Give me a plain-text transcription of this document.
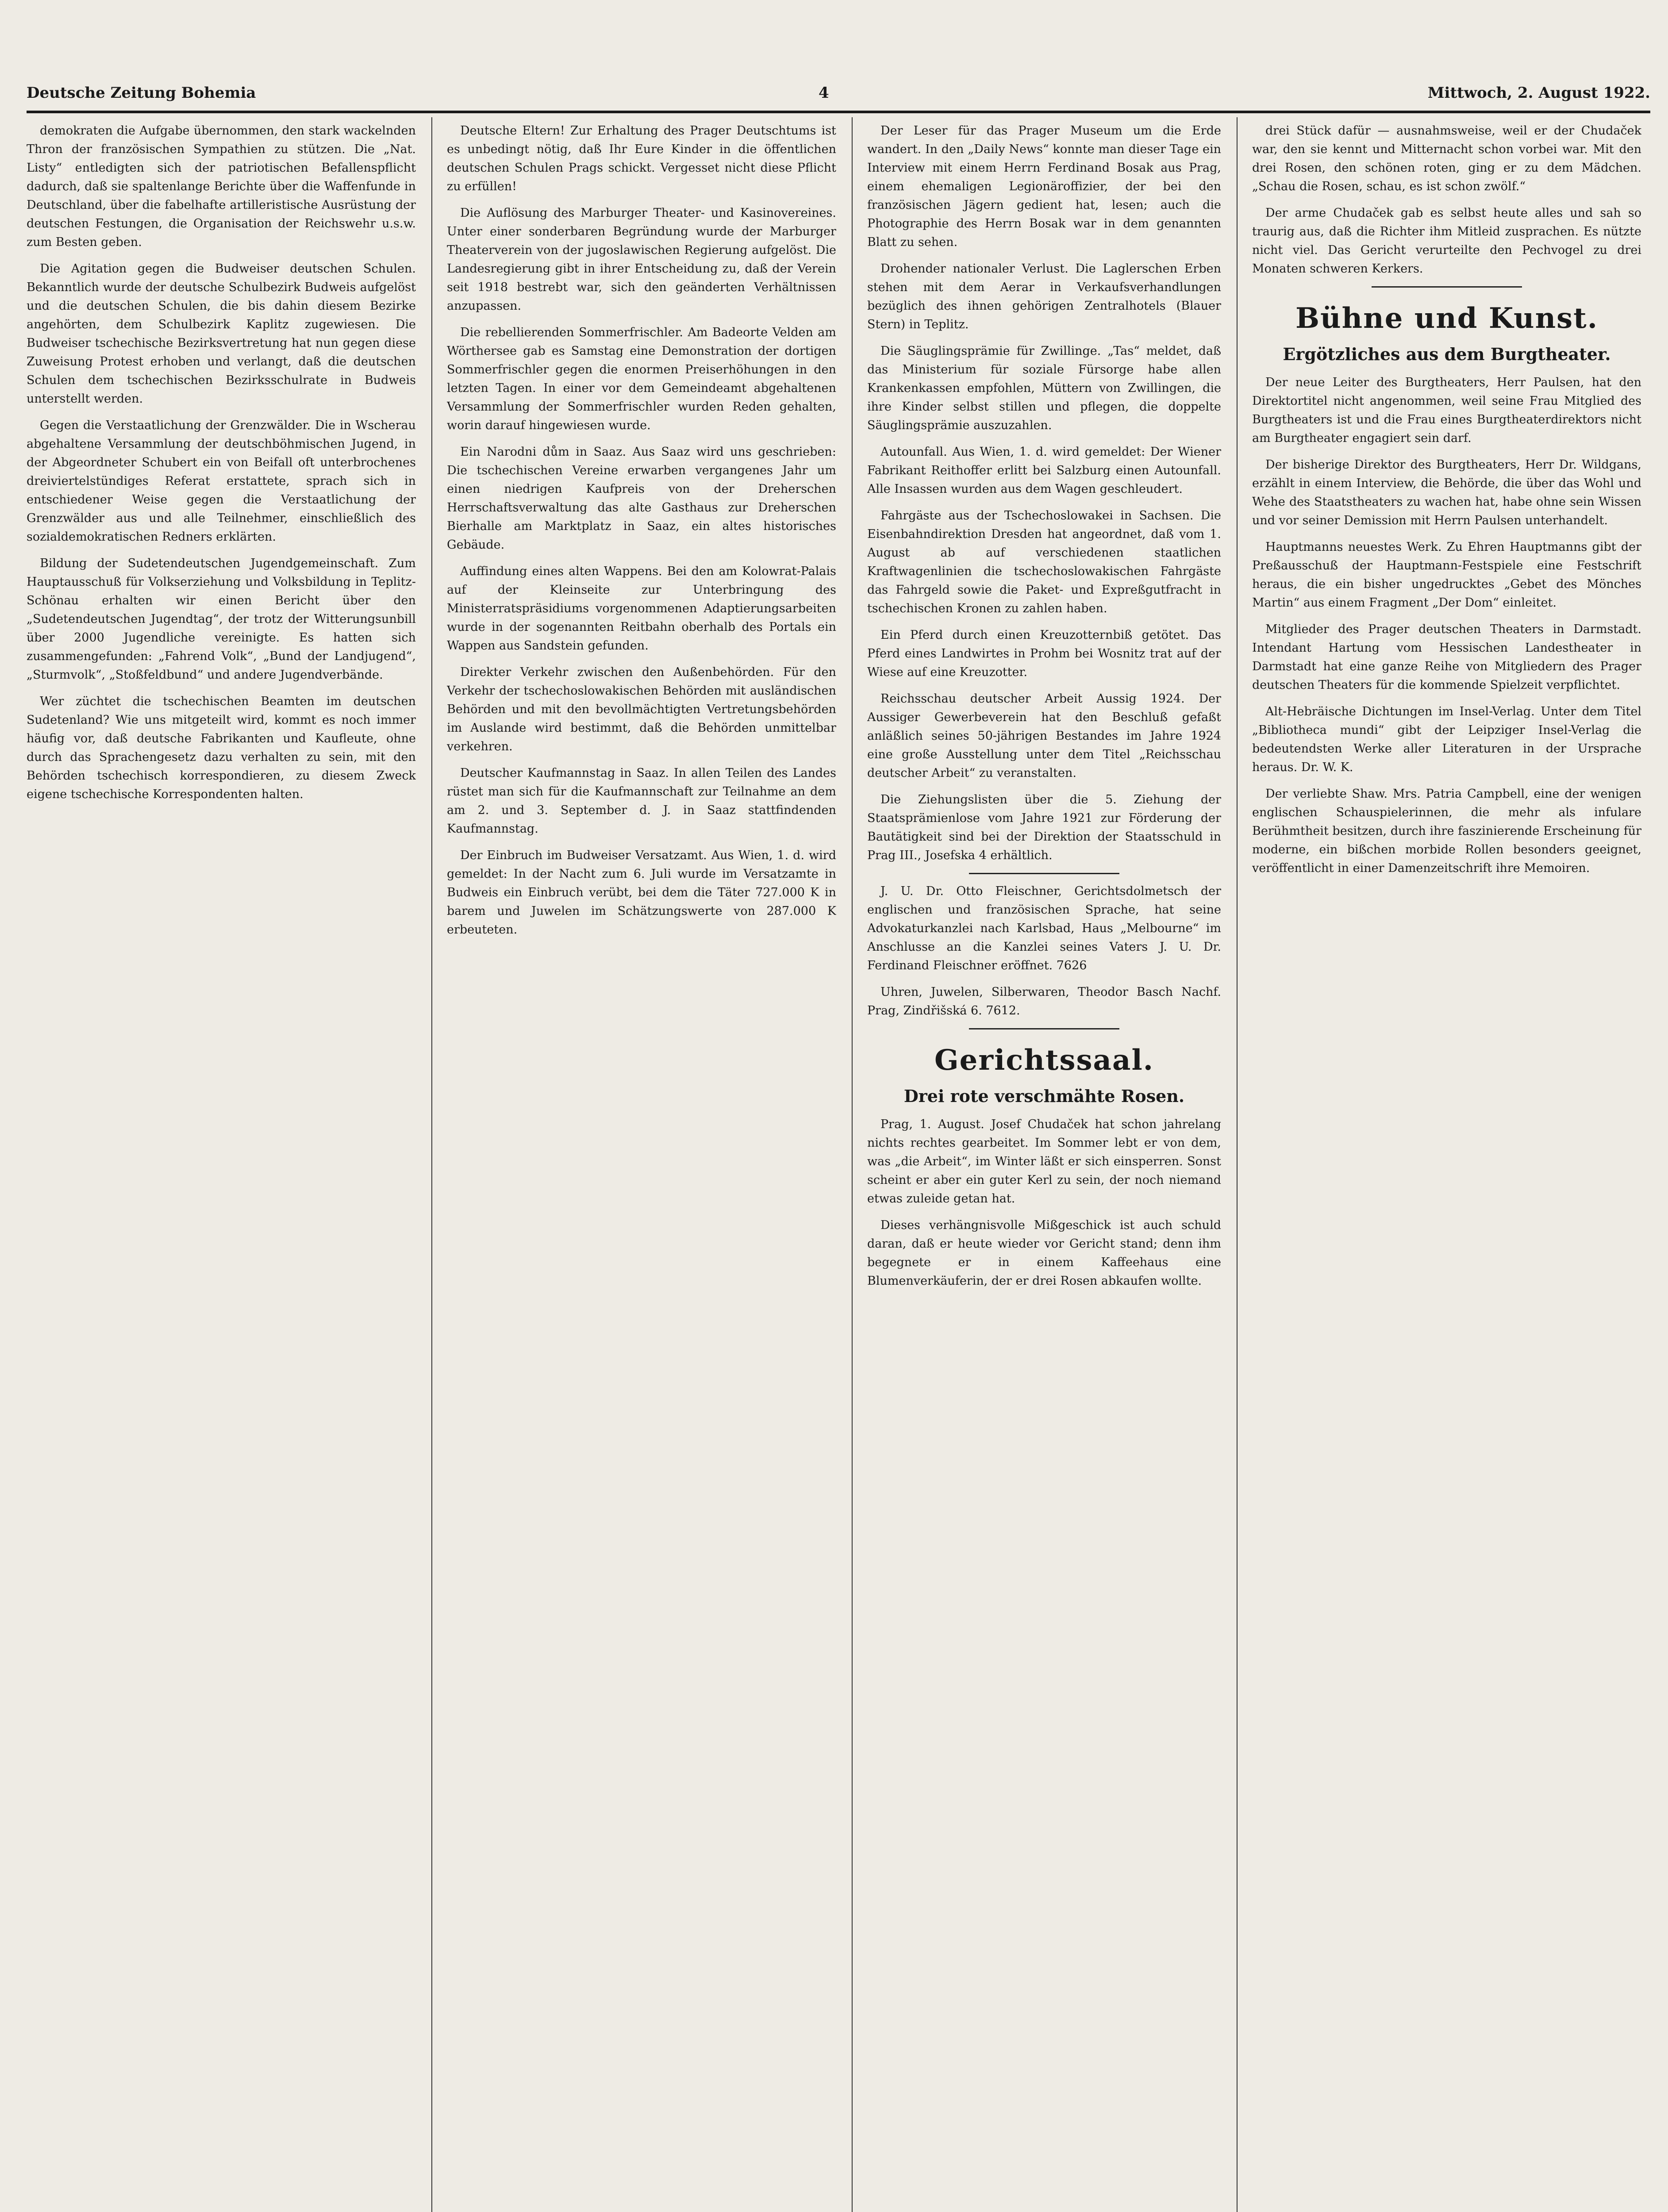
Deutsche Zeitung Bohemia	4	Mittwoch, 2. August 1922.

demokraten die Aufgabe übernommen, den stark wackelnden Thron der französischen Sympathien zu stützen. Die „Nat. Listy“ entledigten sich der patriotischen Befallenspflicht dadurch, daß sie spaltenlange Berichte über die Waffenfunde in Deutschland, über die fabelhafte artilleristische Ausrüstung der deutschen Festungen, die Organisation der Reichswehr u.s.w. zum Besten geben.

Die Agitation gegen die Budweiser deutschen Schulen. Bekanntlich wurde der deutsche Schulbezirk Budweis aufgelöst und die deutschen Schulen, die bis dahin diesem Bezirke angehörten, dem Schulbezirk Kaplitz zugewiesen. Die Budweiser tschechische Bezirksvertretung hat nun gegen diese Zuweisung Protest erhoben und verlangt, daß die deutschen Schulen dem tschechischen Bezirksschulrate in Budweis unterstellt werden.

Gegen die Verstaatlichung der Grenzwälder. Die in Wscherau abgehaltene Versammlung der deutschböhmischen Jugend, in der Abgeordneter Schubert ein von Beifall oft unterbrochenes dreiviertelstündiges Referat erstattete, sprach sich in entschiedener Weise gegen die Verstaatlichung der Grenzwälder aus und alle Teilnehmer, einschließlich des sozialdemokratischen Redners erklärten.

Bildung der Sudetendeutschen Jugendgemeinschaft. Zum Hauptausschuß für Volkserziehung und Volksbildung in Teplitz-Schönau erhalten wir einen Bericht über den „Sudetendeutschen Jugendtag“, der trotz der Witterungsunbill über 2000 Jugendliche vereinigte. Es hatten sich zusammengefunden: „Fahrend Volk“, „Bund der Landjugend“, „Sturmvolk“, „Stoßfeldbund“ und andere Jugendverbände.

Wer züchtet die tschechischen Beamten im deutschen Sudetenland? Wie uns mitgeteilt wird, kommt es noch immer häufig vor, daß deutsche Fabrikanten und Kaufleute, ohne durch das Sprachengesetz dazu verhalten zu sein, mit den Behörden tschechisch korrespondieren, zu diesem Zweck eigene tschechische Korrespondenten halten.

Deutsche Eltern! Zur Erhaltung des Prager Deutschtums ist es unbedingt nötig, daß Ihr Eure Kinder in die öffentlichen deutschen Schulen Prags schickt. Vergesset nicht diese Pflicht zu erfüllen!

Die Auflösung des Marburger Theater- und Kasinovereines. Unter einer sonderbaren Begründung wurde der Marburger Theaterverein von der jugoslawischen Regierung aufgelöst. Die Landesregierung gibt in ihrer Entscheidung zu, daß der Verein seit 1918 bestrebt war, sich den geänderten Verhältnissen anzupassen.

Die rebellierenden Sommerfrischler. Am Badeorte Velden am Wörthersee gab es Samstag eine Demonstration der dortigen Sommerfrischler gegen die enormen Preiserhöhungen in den letzten Tagen. In einer vor dem Gemeindeamt abgehaltenen Versammlung der Sommerfrischler wurden Reden gehalten, worin darauf hingewiesen wurde.

Ein Narodni dům in Saaz. Aus Saaz wird uns geschrieben: Die tschechischen Vereine erwarben vergangenes Jahr um einen niedrigen Kaufpreis von der Dreherschen Herrschaftsverwaltung das alte Gasthaus zur Dreherschen Bierhalle am Marktplatz in Saaz, ein altes historisches Gebäude.

Auffindung eines alten Wappens. Bei den am Kolowrat-Palais auf der Kleinseite zur Unterbringung des Ministerratspräsidiums vorgenommenen Adaptierungsarbeiten wurde in der sogenannten Reitbahn oberhalb des Portals ein Wappen aus Sandstein gefunden.

Direkter Verkehr zwischen den Außenbehörden. Für den Verkehr der tschechoslowakischen Behörden mit ausländischen Behörden und mit den bevollmächtigten Vertretungsbehörden im Auslande wird bestimmt, daß die Behörden unmittelbar verkehren.

Deutscher Kaufmannstag in Saaz. In allen Teilen des Landes rüstet man sich für die Kaufmannschaft zur Teilnahme an dem am 2. und 3. September d. J. in Saaz stattfindenden Kaufmannstag.

Der Einbruch im Budweiser Versatzamt. Aus Wien, 1. d. wird gemeldet: In der Nacht zum 6. Juli wurde im Versatzamte in Budweis ein Einbruch verübt, bei dem die Täter 727.000 K in barem und Juwelen im Schätzungswerte von 287.000 K erbeuteten.

Der Leser für das Prager Museum um die Erde wandert. In den „Daily News“ konnte man dieser Tage ein Interview mit einem Herrn Ferdinand Bosak aus Prag, einem ehemaligen Legionäroffizier, der bei den französischen Jägern gedient hat, lesen; auch die Photographie des Herrn Bosak war in dem genannten Blatt zu sehen.

Drohender nationaler Verlust. Die Laglerschen Erben stehen mit dem Aerar in Verkaufsverhandlungen bezüglich des ihnen gehörigen Zentralhotels (Blauer Stern) in Teplitz.

Die Säuglingsprämie für Zwillinge. „Tas“ meldet, daß das Ministerium für soziale Fürsorge habe allen Krankenkassen empfohlen, Müttern von Zwillingen, die ihre Kinder selbst stillen und pflegen, die doppelte Säuglingsprämie auszuzahlen.

Autounfall. Aus Wien, 1. d. wird gemeldet: Der Wiener Fabrikant Reithoffer erlitt bei Salzburg einen Autounfall. Alle Insassen wurden aus dem Wagen geschleudert.

Fahrgäste aus der Tschechoslowakei in Sachsen. Die Eisenbahndirektion Dresden hat angeordnet, daß vom 1. August ab auf verschiedenen staatlichen Kraftwagenlinien die tschechoslowakischen Fahrgäste das Fahrgeld sowie die Paket- und Expreßgutfracht in tschechischen Kronen zu zahlen haben.

Ein Pferd durch einen Kreuzotternbiß getötet. Das Pferd eines Landwirtes in Prohm bei Wosnitz trat auf der Wiese auf eine Kreuzotter.

Reichsschau deutscher Arbeit Aussig 1924. Der Aussiger Gewerbeverein hat den Beschluß gefaßt anläßlich seines 50-jährigen Bestandes im Jahre 1924 eine große Ausstellung unter dem Titel „Reichsschau deutscher Arbeit“ zu veranstalten.

Die Ziehungslisten über die 5. Ziehung der Staatsprämienlose vom Jahre 1921 zur Förderung der Bautätigkeit sind bei der Direktion der Staatsschuld in Prag III., Josefska 4 erhältlich.

J. U. Dr. Otto Fleischner, Gerichtsdolmetsch der englischen und französischen Sprache, hat seine Advokaturkanzlei nach Karlsbad, Haus „Melbourne“ im Anschlusse an die Kanzlei seines Vaters J. U. Dr. Ferdinand Fleischner eröffnet. 7626

Uhren, Juwelen, Silberwaren, Theodor Basch Nachf. Prag, Zindřišská 6. 7612.

Gerichtssaal.
Drei rote verschmähte Rosen.

Prag, 1. August. Josef Chudaček hat schon jahrelang nichts rechtes gearbeitet. Im Sommer lebt er von dem, was „die Arbeit“, im Winter läßt er sich einsperren. Sonst scheint er aber ein guter Kerl zu sein, der noch niemand etwas zuleide getan hat.

Dieses verhängnisvolle Mißgeschick ist auch schuld daran, daß er heute wieder vor Gericht stand; denn ihm begegnete er in einem Kaffeehaus eine Blumenverkäuferin, der er drei Rosen abkaufen wollte.

drei Stück dafür — ausnahmsweise, weil er der Chudaček war, den sie kennt und Mitternacht schon vorbei war. Mit den drei Rosen, den schönen roten, ging er zu dem Mädchen. „Schau die Rosen, schau, es ist schon zwölf.“

Der arme Chudaček gab es selbst heute alles und sah so traurig aus, daß die Richter ihm Mitleid zusprachen. Es nützte nicht viel. Das Gericht verurteilte den Pechvogel zu drei Monaten schweren Kerkers.

Bühne und Kunst.
Ergötzliches aus dem Burgtheater.

Der neue Leiter des Burgtheaters, Herr Paulsen, hat den Direktortitel nicht angenommen, weil seine Frau Mitglied des Burgtheaters ist und die Frau eines Burgtheaterdirektors nicht am Burgtheater engagiert sein darf.

Der bisherige Direktor des Burgtheaters, Herr Dr. Wildgans, erzählt in einem Interview, die Behörde, die über das Wohl und Wehe des Staatstheaters zu wachen hat, habe ohne sein Wissen und vor seiner Demission mit Herrn Paulsen unterhandelt.

Hauptmanns neuestes Werk. Zu Ehren Hauptmanns gibt der Preßausschuß der Hauptmann-Festspiele eine Festschrift heraus, die ein bisher ungedrucktes „Gebet des Mönches Martin“ aus einem Fragment „Der Dom“ einleitet.

Mitglieder des Prager deutschen Theaters in Darmstadt. Intendant Hartung vom Hessischen Landestheater in Darmstadt hat eine ganze Reihe von Mitgliedern des Prager deutschen Theaters für die kommende Spielzeit verpflichtet.

Alt-Hebräische Dichtungen im Insel-Verlag. Unter dem Titel „Bibliotheca mundi“ gibt der Leipziger Insel-Verlag die bedeutendsten Werke aller Literaturen in der Ursprache heraus. Dr. W. K.

Der verliebte Shaw. Mrs. Patria Campbell, eine der wenigen englischen Schauspielerinnen, die mehr als infulare Berühmtheit besitzen, durch ihre faszinierende Erscheinung für moderne, ein bißchen morbide Rollen besonders geeignet, veröffentlicht in einer Damenzeitschrift ihre Memoiren.
